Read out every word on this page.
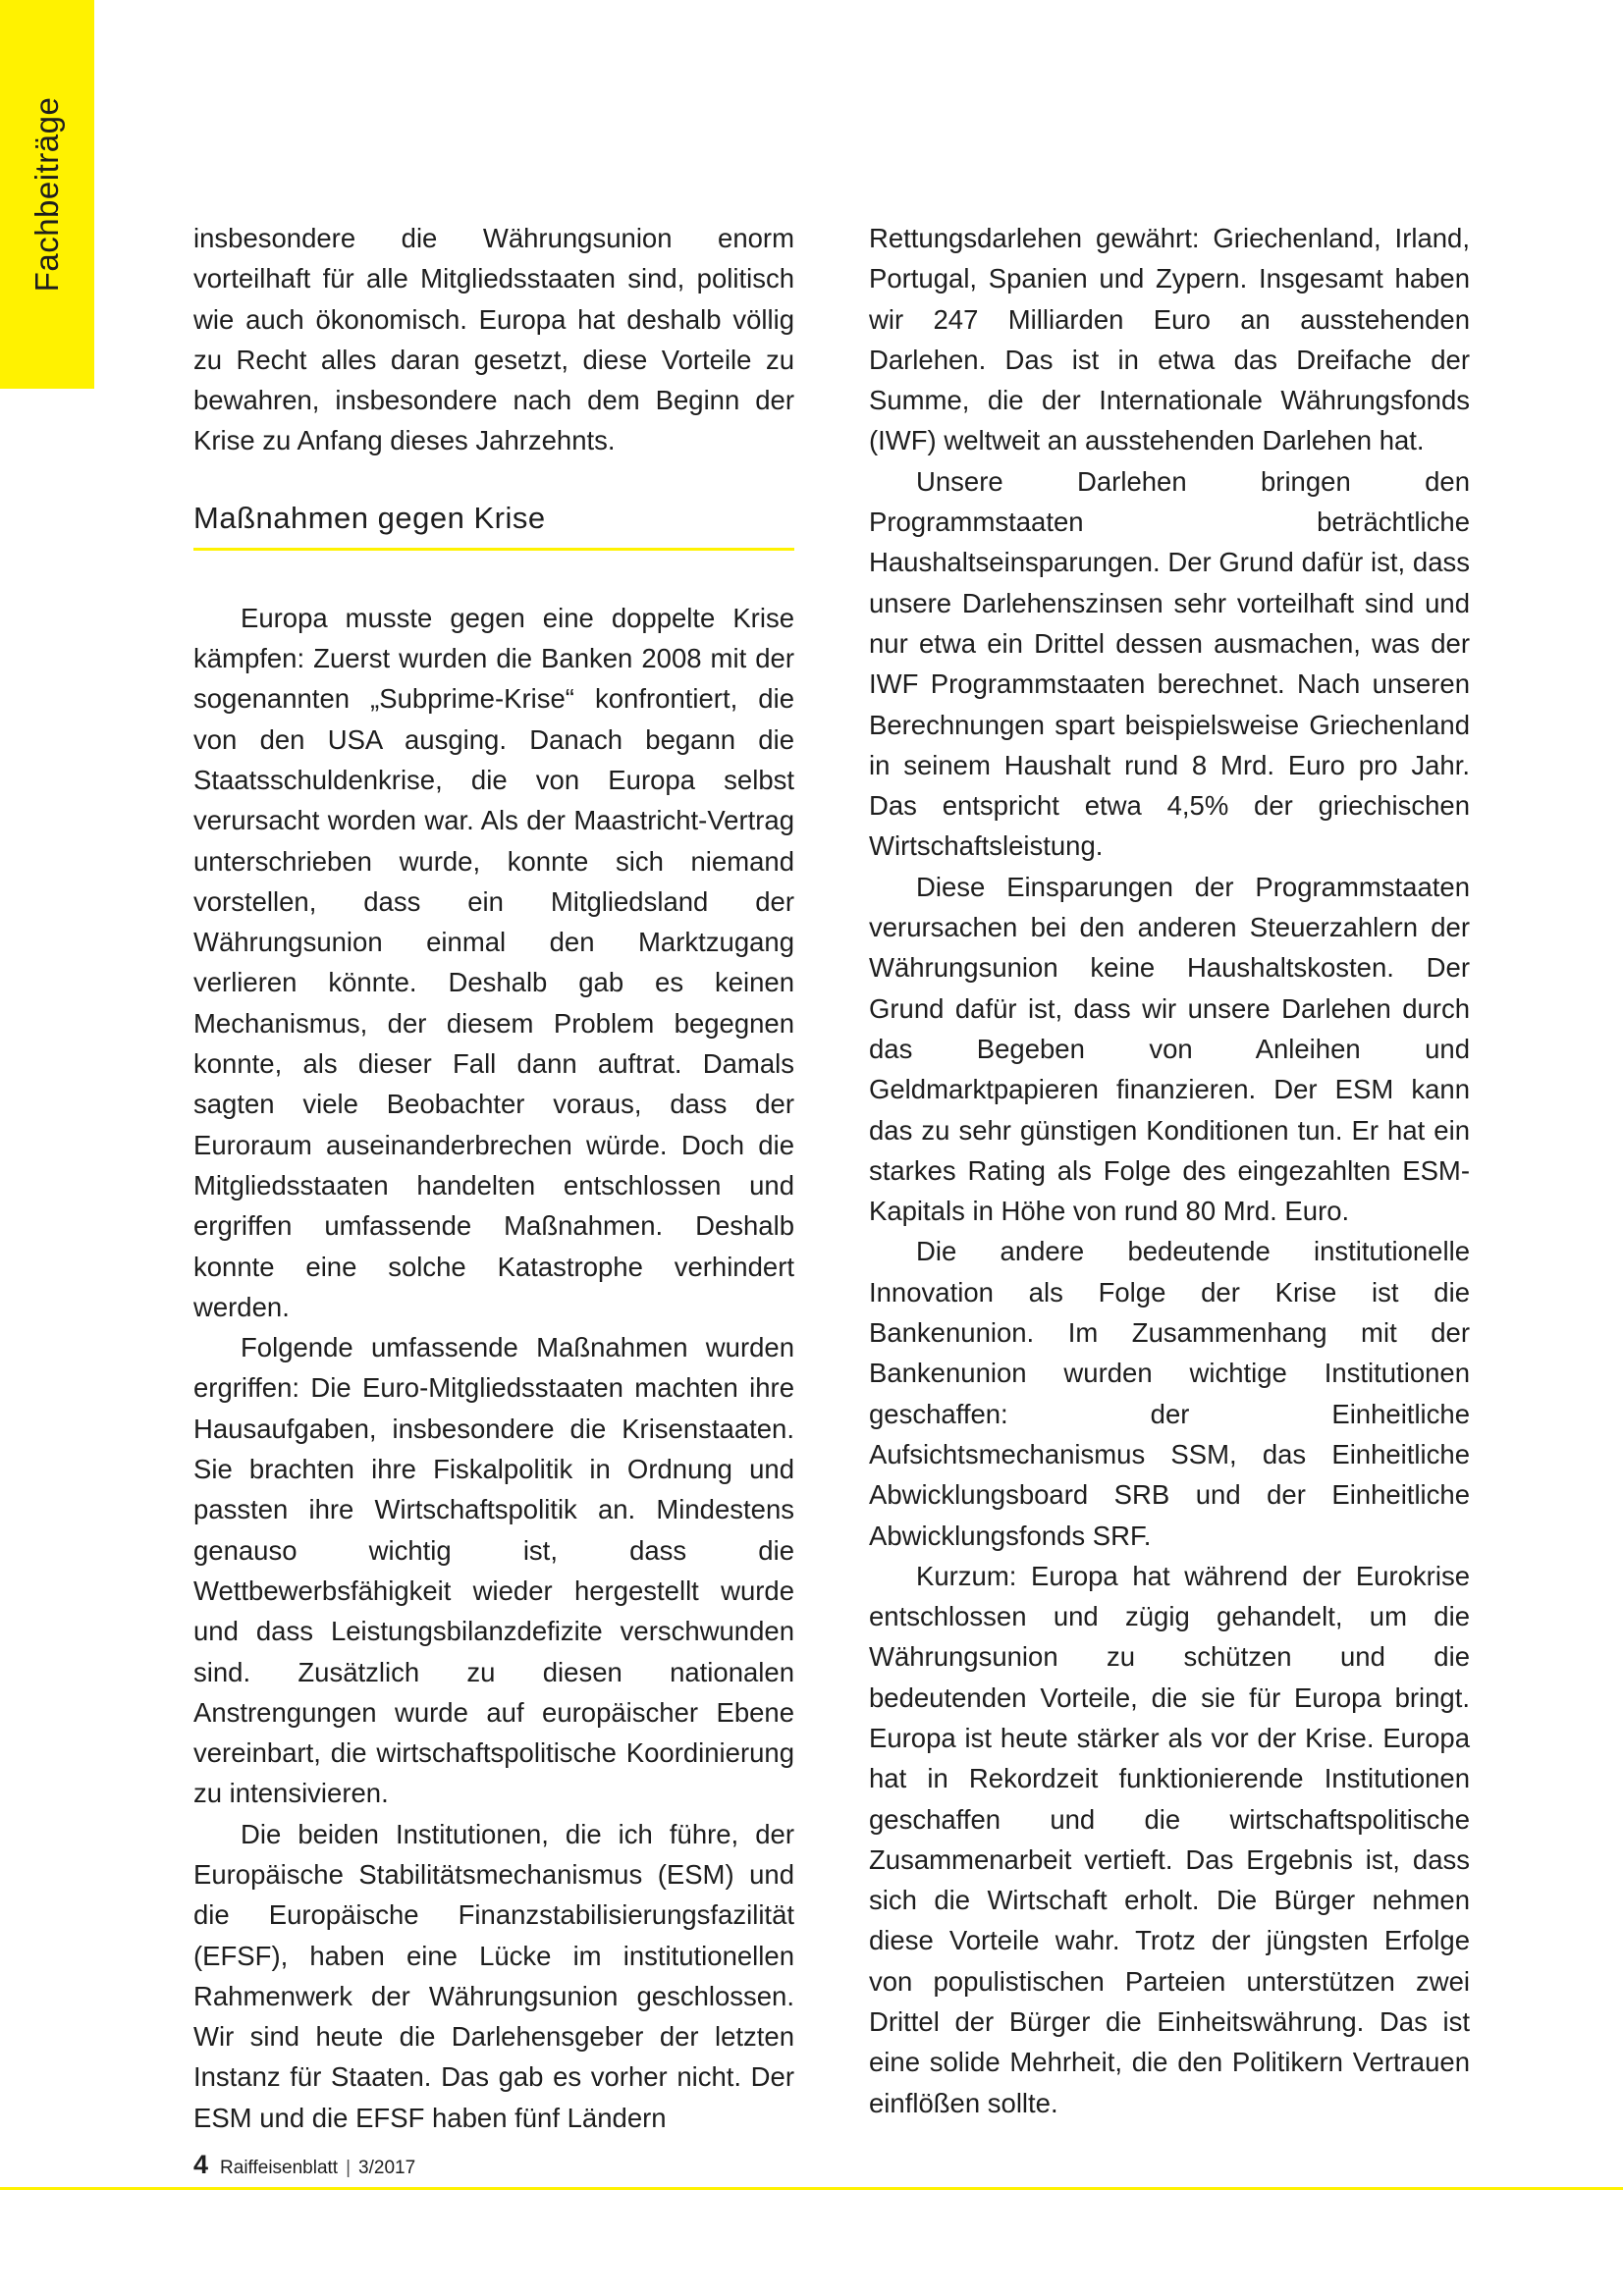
Fachbeiträge	insbesondere die Währungsunion enorm vorteilhaft für alle Mitgliedsstaaten sind, politisch wie auch ökonomisch. Europa hat deshalb völlig zu Recht alles daran gesetzt, diese Vorteile zu bewahren, insbesondere nach dem Beginn der Krise zu Anfang dieses Jahrzehnts.

Maßnahmen gegen Krise

Europa musste gegen eine doppelte Krise kämpfen: Zuerst wurden die Banken 2008 mit der sogenannten „Subprime-Krise“ konfrontiert, die von den USA ausging. Danach begann die Staatsschuldenkrise, die von Europa selbst verursacht worden war. Als der Maastricht-Vertrag unterschrieben wurde, konnte sich niemand vorstellen, dass ein Mitgliedsland der Währungsunion einmal den Marktzugang verlieren könnte. Deshalb gab es keinen Mechanismus, der diesem Problem begegnen konnte, als dieser Fall dann auftrat. Damals sagten viele Beobachter voraus, dass der Euroraum auseinanderbrechen würde. Doch die Mitgliedsstaaten handelten entschlossen und ergriffen umfassende Maßnahmen. Deshalb konnte eine solche Katastrophe verhindert werden.

Folgende umfassende Maßnahmen wurden ergriffen: Die Euro-Mitgliedsstaaten machten ihre Hausaufgaben, insbesondere die Krisenstaaten. Sie brachten ihre Fiskalpolitik in Ordnung und passten ihre Wirtschaftspolitik an. Mindestens genauso wichtig ist, dass die Wettbewerbsfähigkeit wieder hergestellt wurde und dass Leistungsbilanzdefizite verschwunden sind. Zusätzlich zu diesen nationalen Anstrengungen wurde auf europäischer Ebene vereinbart, die wirtschaftspolitische Koordinierung zu intensivieren.

Die beiden Institutionen, die ich führe, der Europäische Stabilitätsmechanismus (ESM) und die Europäische Finanzstabilisierungsfazilität (EFSF), haben eine Lücke im institutionellen Rahmenwerk der Währungsunion geschlossen. Wir sind heute die Darlehensgeber der letzten Instanz für Staaten. Das gab es vorher nicht. Der ESM und die EFSF haben fünf Ländern

Rettungsdarlehen gewährt: Griechenland, Irland, Portugal, Spanien und Zypern. Insgesamt haben wir 247 Milliarden Euro an ausstehenden Darlehen. Das ist in etwa das Dreifache der Summe, die der Internationale Währungsfonds (IWF) weltweit an ausstehenden Darlehen hat.

Unsere Darlehen bringen den Programmstaaten beträchtliche Haushaltseinsparungen. Der Grund dafür ist, dass unsere Darlehenszinsen sehr vorteilhaft sind und nur etwa ein Drittel dessen ausmachen, was der IWF Programmstaaten berechnet. Nach unseren Berechnungen spart beispielsweise Griechenland in seinem Haushalt rund 8 Mrd. Euro pro Jahr. Das entspricht etwa 4,5% der griechischen Wirtschaftsleistung.

Diese Einsparungen der Programmstaaten verursachen bei den anderen Steuerzahlern der Währungsunion keine Haushaltskosten. Der Grund dafür ist, dass wir unsere Darlehen durch das Begeben von Anleihen und Geldmarktpapieren finanzieren. Der ESM kann das zu sehr günstigen Konditionen tun. Er hat ein starkes Rating als Folge des eingezahlten ESM-Kapitals in Höhe von rund 80 Mrd. Euro.

Die andere bedeutende institutionelle Innovation als Folge der Krise ist die Bankenunion. Im Zusammenhang mit der Bankenunion wurden wichtige Institutionen geschaffen: der Einheitliche Aufsichtsmechanismus SSM, das Einheitliche Abwicklungsboard SRB und der Einheitliche Abwicklungsfonds SRF.

Kurzum: Europa hat während der Eurokrise entschlossen und zügig gehandelt, um die Währungsunion zu schützen und die bedeutenden Vorteile, die sie für Europa bringt. Europa ist heute stärker als vor der Krise. Europa hat in Rekordzeit funktionierende Institutionen geschaffen und die wirtschaftspolitische Zusammenarbeit vertieft. Das Ergebnis ist, dass sich die Wirtschaft erholt. Die Bürger nehmen diese Vorteile wahr. Trotz der jüngsten Erfolge von populistischen Parteien unterstützen zwei Drittel der Bürger die Einheitswährung. Das ist eine solide Mehrheit, die den Politikern Vertrauen einflößen sollte.

4 Raiffeisenblatt | 3/2017
